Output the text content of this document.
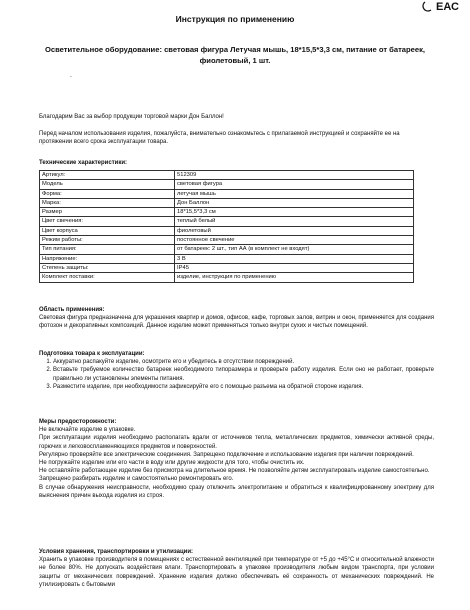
ЕАС
Инструкция по применению
Осветительное оборудование: световая фигура Летучая мышь, 18*15,5*3,3 см, питание от батареек, фиолетовый, 1 шт.
.
Благодарим Вас за выбор продукции торговой марки Дон Баллон!
Перед началом использования изделия, пожалуйста, внимательно ознакомьтесь с прилагаемой инструкцией и сохраняйте ее на протяжении всего срока эксплуатации товара.
Технические характеристики:
Артикул:	512309
Модель	световая фигура
Форма:	летучая мышь
Марка:	Дон Баллон
Размер	18*15,5*3,3 см
Цвет свечения:	теплый белый
Цвет корпуса	фиолетовый
Режим работы:	постоянное свечение
Тип питания:	от батареек: 2 шт., тип АА (в комплект не входят)
Напряжение:	3 В
Степень защиты:	IP45
Комплект поставки:	изделие, инструкция по применению
Область применения:
Световая фигура предназначена для украшения квартир и домов, офисов, кафе, торговых залов, витрин и окон, применяется для создания фотозон и декоративных композиций. Данное изделие может применяться только внутри сухих и чистых помещений.
Подготовка товара к эксплуатации:
1. Аккуратно распакуйте изделие, осмотрите его и убедитесь в отсутствии повреждений.
2. Вставьте требуемое количество батареек необходимого типоразмера и проверьте работу изделия. Если оно не работает, проверьте правильно ли установлены элементы питания.
3. Разместите изделие, при необходимости зафиксируйте его с помощью разъема на обратной стороне изделия.
Меры предосторожности:
Не включайте изделие в упаковке.
При эксплуатации изделия необходимо располагать вдали от источников тепла, металлических предметов, химически активной среды, горючих и легковоспламеняющихся предметов и поверхностей.
Регулярно проверяйте все электрические соединения. Запрещено подключение и использование изделия при наличии повреждений.
Не погружайте изделие или его части в воду или другие жидкости для того, чтобы очистить их.
Не оставляйте работающее изделие без присмотра на длительное время. Не позволяйте детям эксплуатировать изделие самостоятельно.
Запрещено разбирать изделие и самостоятельно ремонтировать его.
В случае обнаружения неисправности, необходимо сразу отключить электропитание и обратиться к квалифицированному электрику для выяснения причин выхода изделия из строя.
Условия хранения, транспортировки и утилизации:
Хранить в упаковке производителя в помещениях с естественной вентиляцией при температуре от +5 до +45°С и относительной влажности не более 80%. Не допускать воздействия влаги. Транспортировать в упаковке производителя любым видом транспорта, при условии защиты от механических повреждений. Хранение изделия должно обеспечивать её сохранность от механических повреждений. Не утилизировать с бытовыми
